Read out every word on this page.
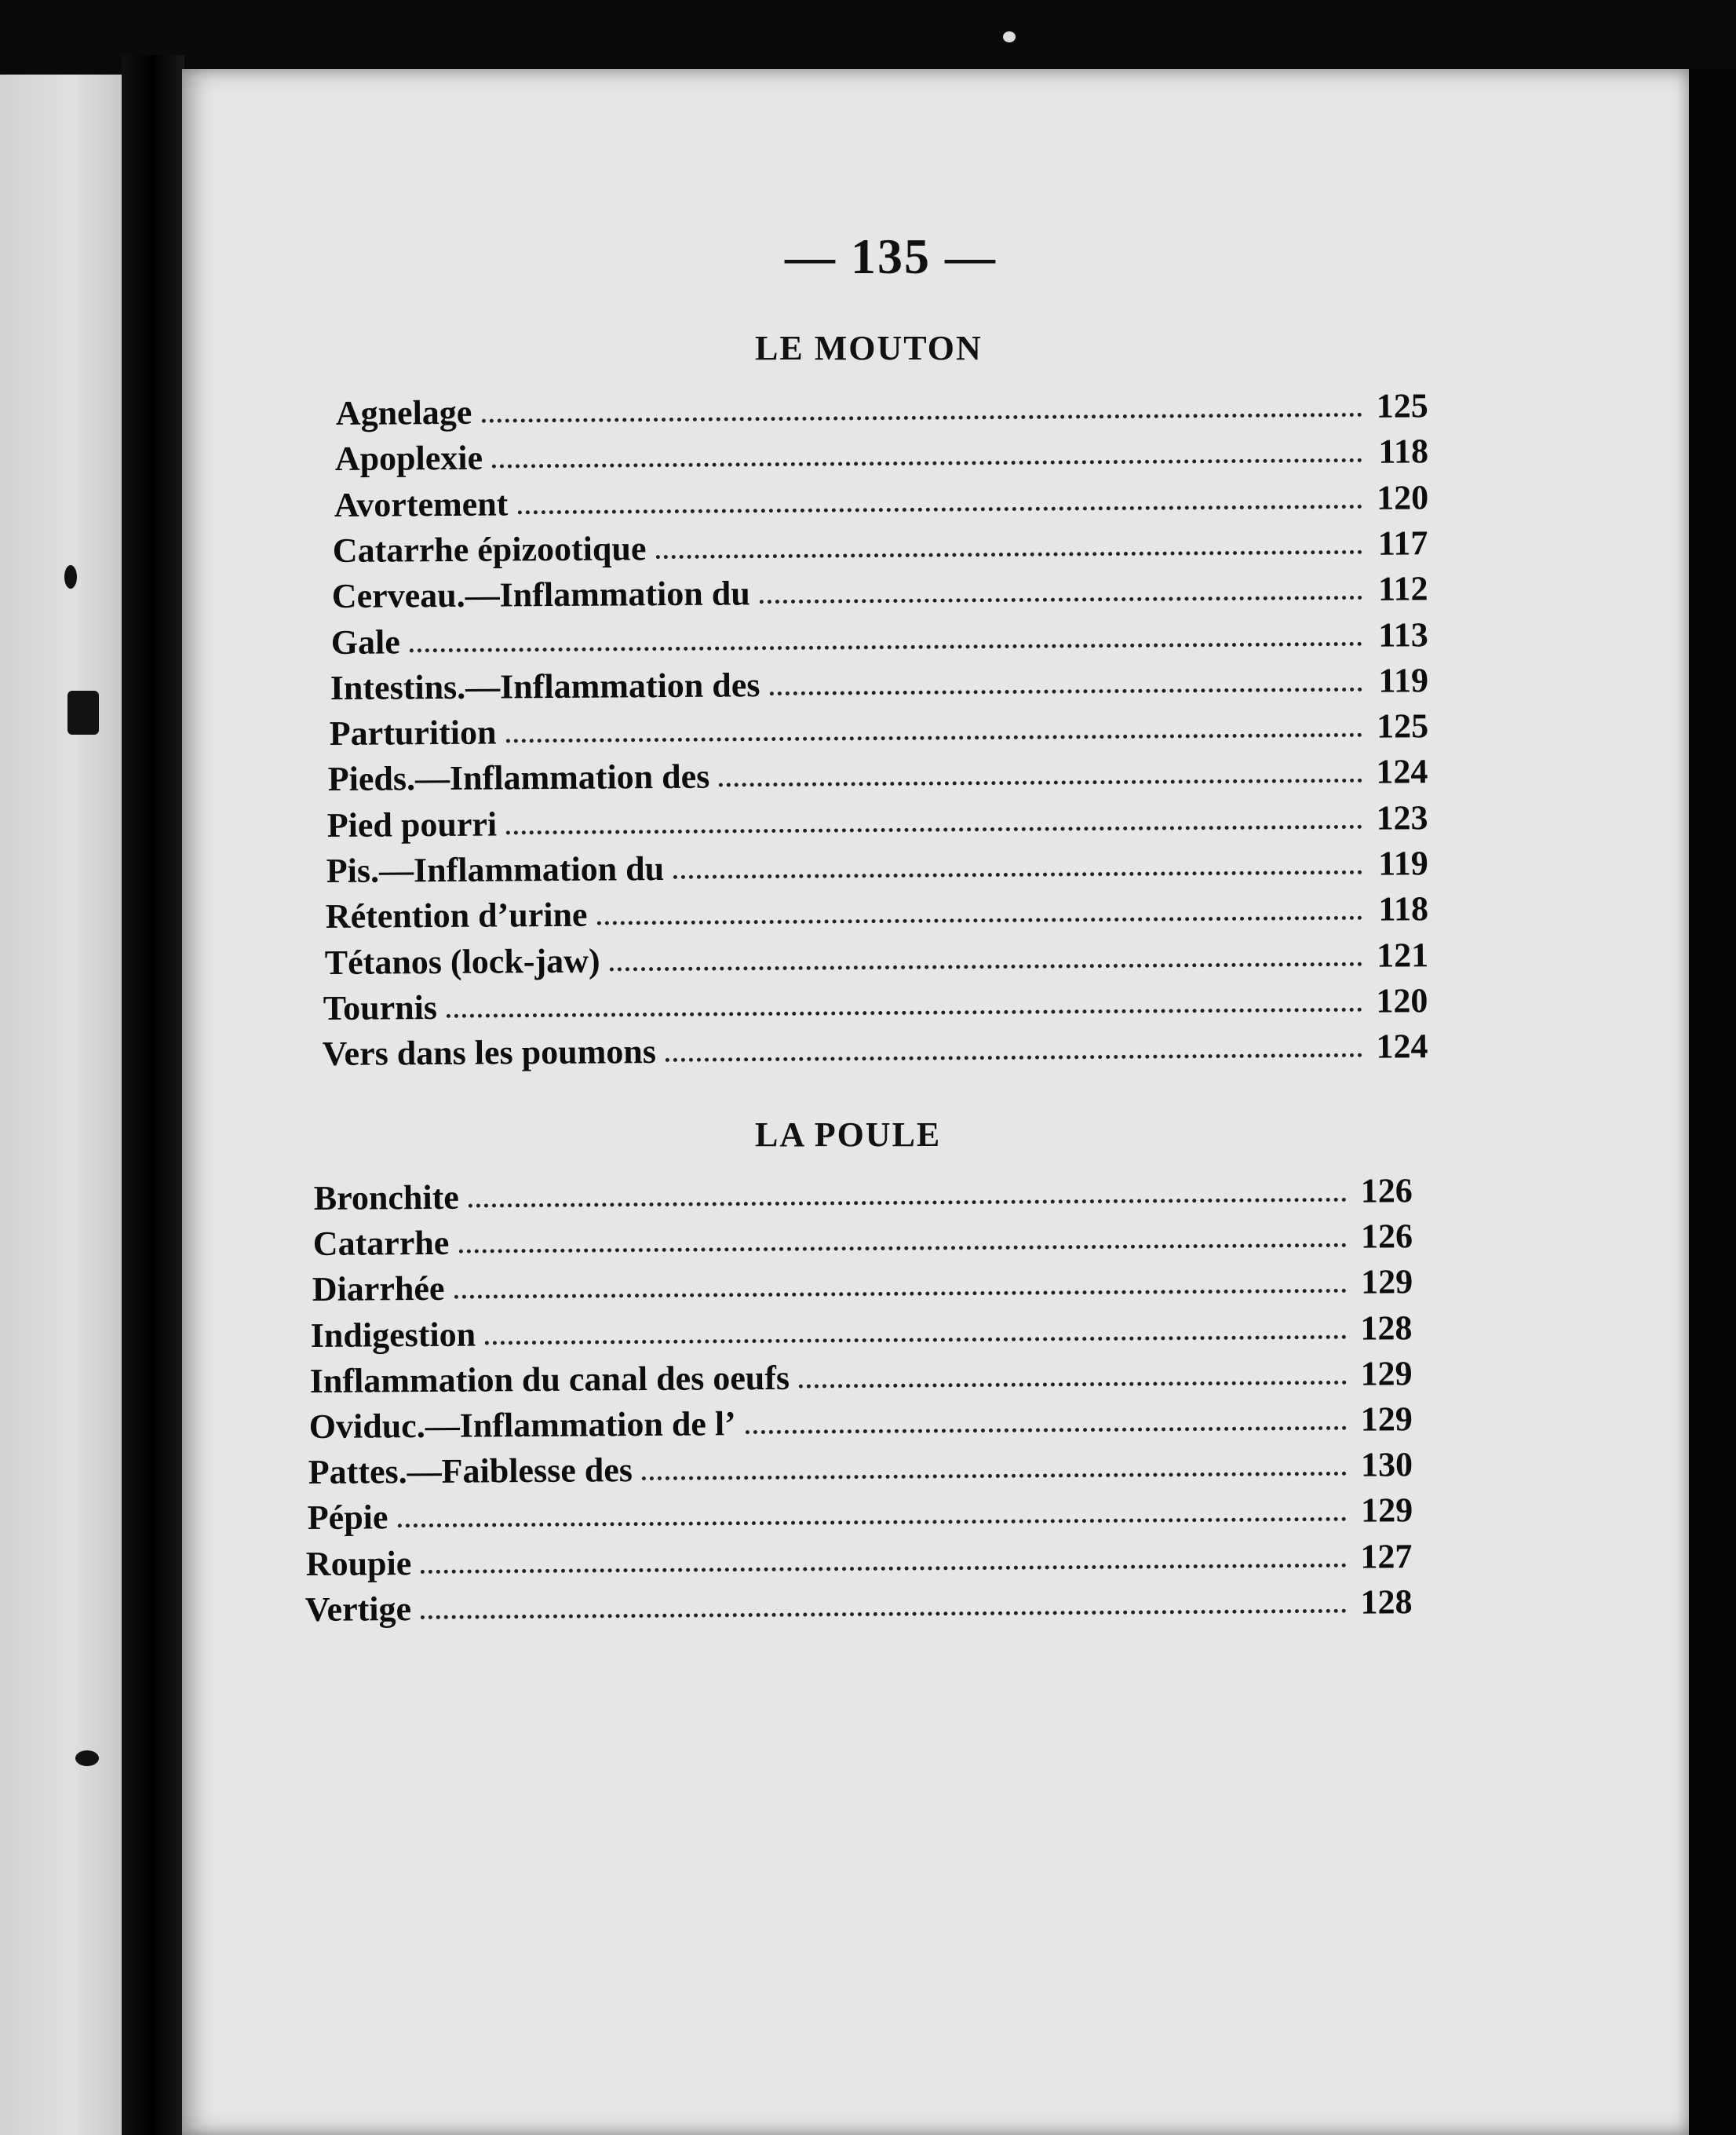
— 135 —
LE MOUTON
LA POULE
Agnelage	125
Apoplexie	118
Avortement	120
Catarrhe épizootique	117
Cerveau.—Inflammation du	112
Gale	113
Intestins.—Inflammation des	119
Parturition	125
Pieds.—Inflammation des	124
Pied pourri	123
Pis.—Inflammation du	119
Rétention d’urine	118
Tétanos (lock-jaw)	121
Tournis	120
Vers dans les poumons	124
Bronchite	126
Catarrhe	126
Diarrhée	129
Indigestion	128
Inflammation du canal des oeufs	129
Oviduc.—Inflammation de l’	129
Pattes.—Faiblesse des	130
Pépie	129
Roupie	127
Vertige	128
